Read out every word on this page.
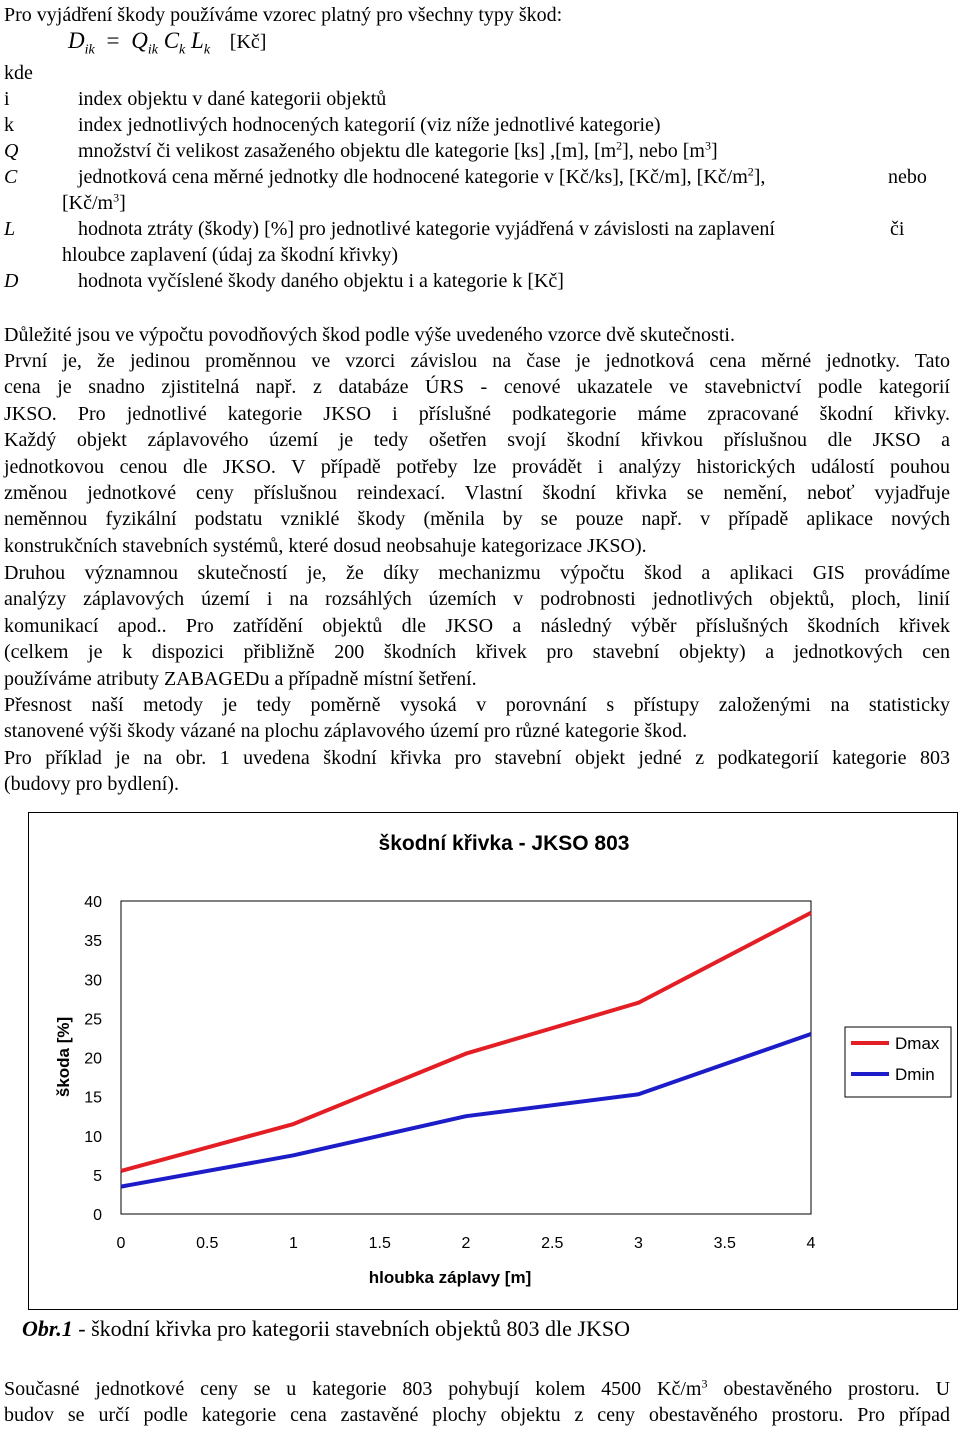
Pro vyjádření škody používáme vzorec platný pro všechny typy škod:
$D_{ik} = Q_{ik}$ $C_k$ $L_k$ [Kč]
kde
i	index objektu v dané kategorii objektů
k	index jednotlivých hodnocených kategorií (viz níže jednotlivé kategorie)
Q	množství či velikost zasaženého objektu dle kategorie [ks] ,[m], $[m^2]$, nebo $[m^3]$
C	jednotková cena měrné jednotky dle hodnocené kategorie v [Kč/ks], [Kč/m], $[Kč/m^2]$,	nebo
$[Kč/m^3]$
L	hodnota ztráty (škody) [%] pro jednotlivé kategorie vyjádřená v závislosti na zaplavení	či
hloubce zaplavení (údaj za škodní křivky)
D	hodnota vyčíslené škody daného objektu i a kategorie k [Kč]
Důležité jsou ve výpočtu povodňových škod podle výše uvedeného vzorce dvě skutečnosti.
První je, že jedinou proměnnou ve vzorci závislou na čase je jednotková cena měrné jednotky. Tato
cena je snadno zjistitelná např. z databáze ÚRS - cenové ukazatele ve stavebnictví podle kategorií
JKSO. Pro jednotlivé kategorie JKSO i příslušné podkategorie máme zpracované škodní křivky.
Každý objekt záplavového území je tedy ošetřen svojí škodní křivkou příslušnou dle JKSO a
jednotkovou cenou dle JKSO. V případě potřeby lze provádět i analýzy historických událostí pouhou
změnou jednotkové ceny příslušnou reindexací. Vlastní škodní křivka se nemění, neboť vyjadřuje
neměnnou fyzikální podstatu vzniklé škody (měnila by se pouze např. v případě aplikace nových
konstrukčních stavebních systémů, které dosud neobsahuje kategorizace JKSO).
Druhou významnou skutečností je, že díky mechanizmu výpočtu škod a aplikaci GIS provádíme
analýzy záplavových území i na rozsáhlých územích v podrobnosti jednotlivých objektů, ploch, linií
komunikací apod.. Pro zatřídění objektů dle JKSO a následný výběr příslušných škodních křivek
(celkem je k dispozici přibližně 200 škodních křivek pro stavební objekty) a jednotkových cen
používáme atributy ZABAGEDu a případně místní šetření.
Přesnost naší metody je tedy poměrně vysoká v porovnání s přístupy založenými na statisticky
stanovené výši škody vázané na plochu záplavového území pro různé kategorie škod.
Pro příklad je na obr. 1 uvedena škodní křivka pro stavební objekt jedné z podkategorií kategorie 803
(budovy pro bydlení).
škodní křivka - JKSO 803
0
5
10
15
20
25
30
35
40
0	0.5	1	1.5	2	2.5	3	3.5	4
škoda [%]
hloubka záplavy [m]
Dmax
Dmin
Obr.1 - škodní křivka pro kategorii stavebních objektů 803 dle JKSO
Současné jednotkové ceny se u kategorie 803 pohybují kolem 4500 $Kč/m^3$ obestavěného prostoru. U
budov se určí podle kategorie cena zastavěné plochy objektu z ceny obestavěného prostoru. Pro případ
